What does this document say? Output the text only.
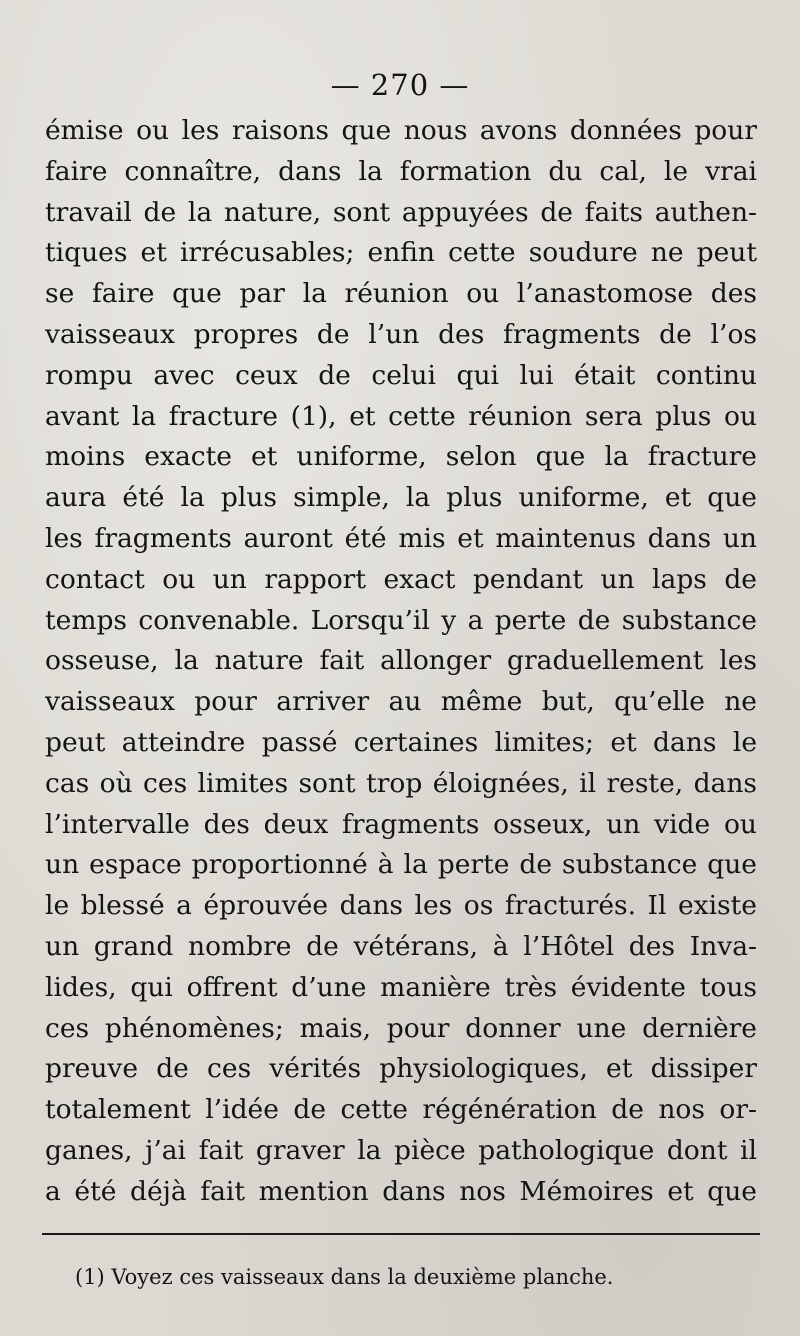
— 270 —

émise ou les raisons que nous avons données pour
faire connaître, dans la formation du cal, le vrai
travail de la nature, sont appuyées de faits authen-
tiques et irrécusables; enfin cette soudure ne peut
se faire que par la réunion ou l’anastomose des
vaisseaux propres de l’un des fragments de l’os
rompu avec ceux de celui qui lui était continu
avant la fracture (1), et cette réunion sera plus ou
moins exacte et uniforme, selon que la fracture
aura été la plus simple, la plus uniforme, et que
les fragments auront été mis et maintenus dans un
contact ou un rapport exact pendant un laps de
temps convenable. Lorsqu’il y a perte de substance
osseuse, la nature fait allonger graduellement les
vaisseaux pour arriver au même but, qu’elle ne
peut atteindre passé certaines limites; et dans le
cas où ces limites sont trop éloignées, il reste, dans
l’intervalle des deux fragments osseux, un vide ou
un espace proportionné à la perte de substance que
le blessé a éprouvée dans les os fracturés. Il existe
un grand nombre de vétérans, à l’Hôtel des Inva-
lides, qui offrent d’une manière très évidente tous
ces phénomènes; mais, pour donner une dernière
preuve de ces vérités physiologiques, et dissiper
totalement l’idée de cette régénération de nos or-
ganes, j’ai fait graver la pièce pathologique dont il
a été déjà fait mention dans nos Mémoires et que

(1) Voyez ces vaisseaux dans la deuxième planche.
